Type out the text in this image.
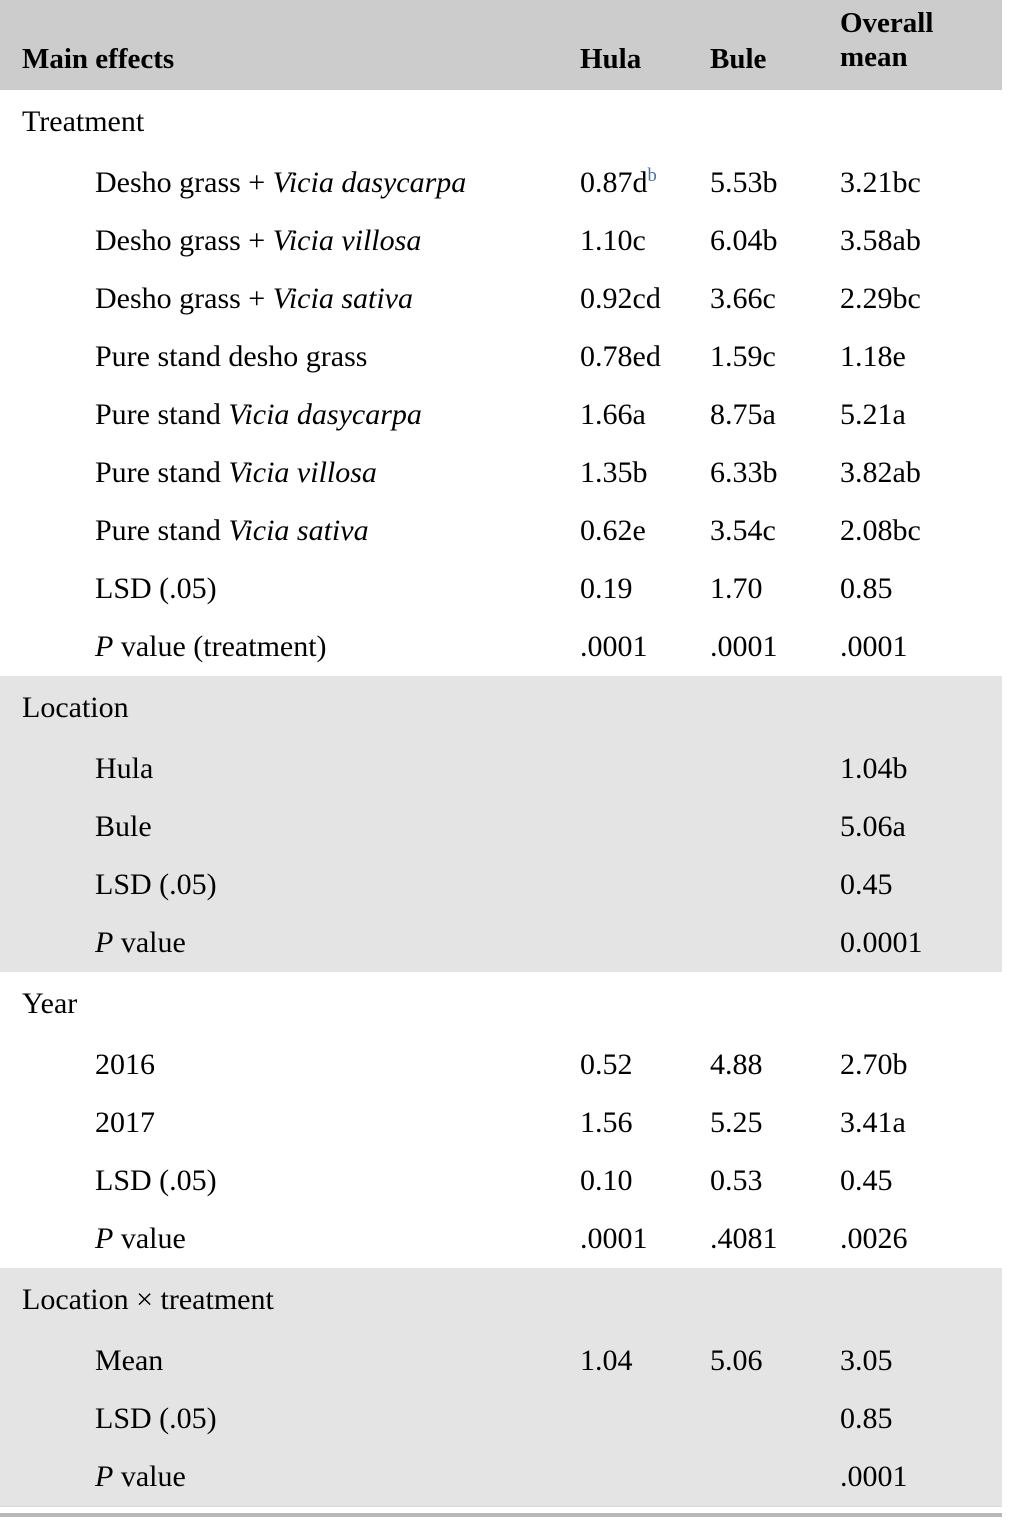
Main effects	Hula	Bule	Overall
mean

Treatment			
Desho grass + Vicia dasycarpa	0.87d$^b$	5.53b	3.21bc
Desho grass + Vicia villosa	1.10c	6.04b	3.58ab
Desho grass + Vicia sativa	0.92cd	3.66c	2.29bc
Pure stand desho grass	0.78ed	1.59c	1.18e
Pure stand Vicia dasycarpa	1.66a	8.75a	5.21a
Pure stand Vicia villosa	1.35b	6.33b	3.82ab
Pure stand Vicia sativa	0.62e	3.54c	2.08bc
LSD (.05)	0.19	1.70	0.85
P value (treatment)	.0001	.0001	.0001
Location			
Hula			1.04b
Bule			5.06a
LSD (.05)			0.45
P value			0.0001
Year			
2016	0.52	4.88	2.70b
2017	1.56	5.25	3.41a
LSD (.05)	0.10	0.53	0.45
P value	.0001	.4081	.0026
Location × treatment			
Mean	1.04	5.06	3.05
LSD (.05)			0.85
P value			.0001
